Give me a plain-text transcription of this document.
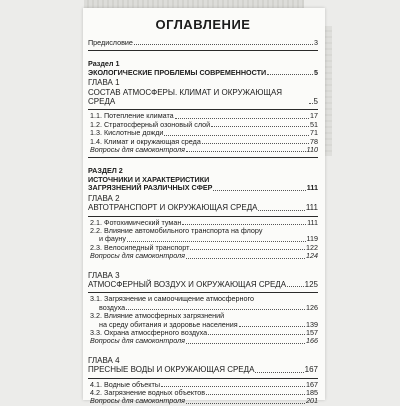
ОГЛАВЛЕНИЕ
Предисловие	3
Раздел 1
ЭКОЛОГИЧЕСКИЕ ПРОБЛЕМЫ СОВРЕМЕННОСТИ	5
ГЛАВА 1
СОСТАВ АТМОСФЕРЫ. КЛИМАТ И ОКРУЖАЮЩАЯ СРЕДА	5
1.1. Потепление климата	17
1.2. Стратосферный озоновый слой	51
1.3. Кислотные дожди	71
1.4. Климат и окружающая среда	78
Вопросы для самоконтроля	110
РАЗДЕЛ 2
ИСТОЧНИКИ И ХАРАКТЕРИСТИКИ
ЗАГРЯЗНЕНИЙ РАЗЛИЧНЫХ СФЕР	111
ГЛАВА 2
АВТОТРАНСПОРТ И ОКРУЖАЮЩАЯ СРЕДА	111
2.1. Фотохимический туман	111
2.2. Влияние автомобильного транспорта на флору
и фауну	119
2.3. Велосипедный транспорт	122
Вопросы для самоконтроля	124
ГЛАВА 3
АТМОСФЕРНЫЙ ВОЗДУХ И ОКРУЖАЮЩАЯ СРЕДА 125
3.1. Загрязнение и самоочищение атмосферного
воздуха	126
3.2. Влияние атмосферных загрязнений
на среду обитания и здоровье населения	139
3.3. Охрана атмосферного воздуха	157
Вопросы для самоконтроля	166
ГЛАВА 4
ПРЕСНЫЕ ВОДЫ И ОКРУЖАЮЩАЯ СРЕДА	167
4.1. Водные объекты	167
4.2. Загрязнение водных объектов	185
Вопросы для самоконтроля	201
